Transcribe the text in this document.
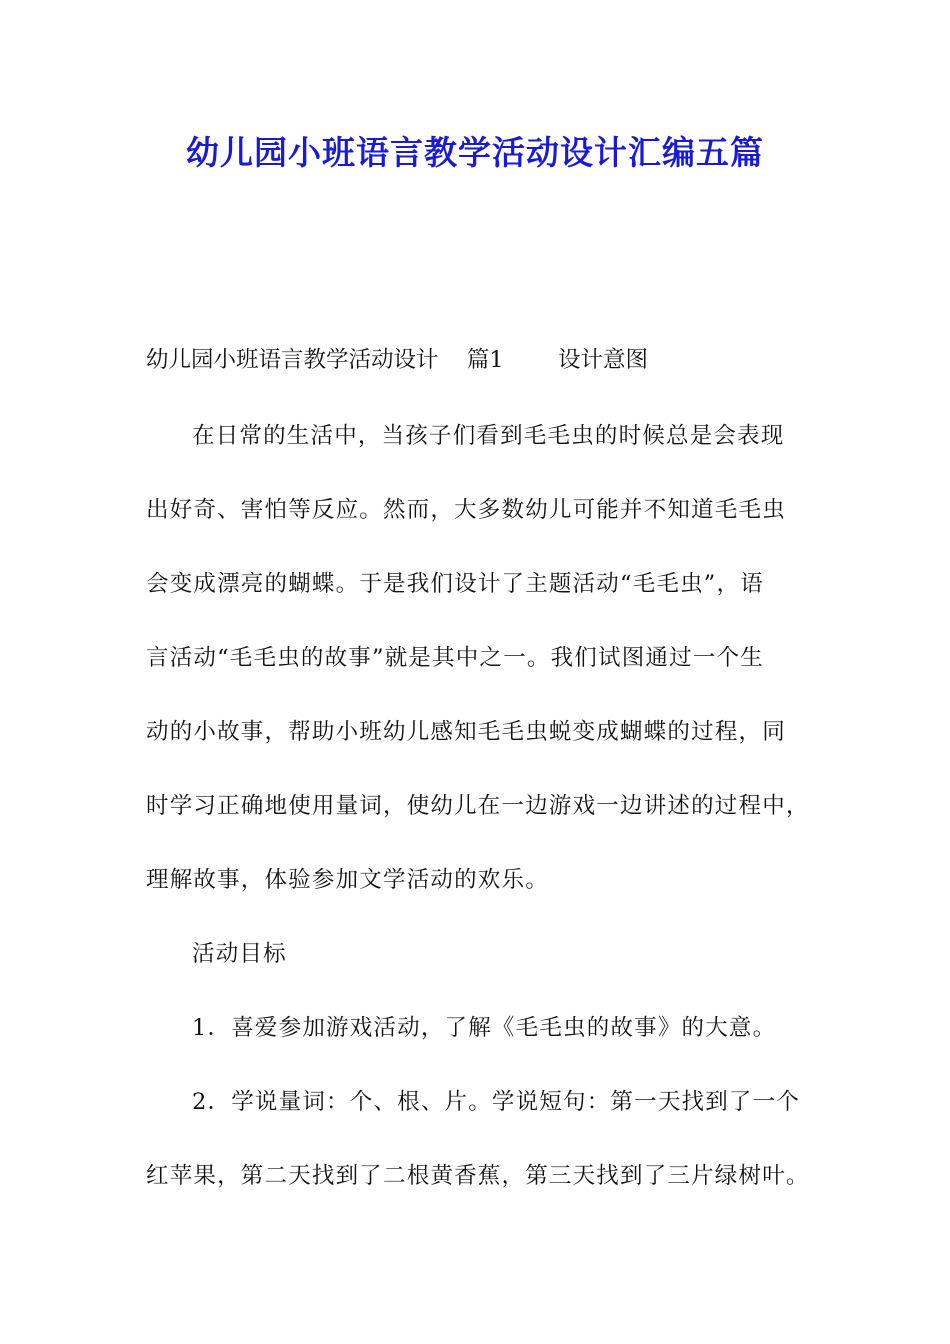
幼儿园小班语言教学活动设计汇编五篇
幼儿园小班语言教学活动设计 篇1 设计意图
在日常的生活中，当孩子们看到毛毛虫的时候总是会表现
出好奇、害怕等反应。然而，大多数幼儿可能并不知道毛毛虫
会变成漂亮的蝴蝶。于是我们设计了主题活动“毛毛虫”，语
言活动“毛毛虫的故事”就是其中之一。我们试图通过一个生
动的小故事，帮助小班幼儿感知毛毛虫蜕变成蝴蝶的过程，同
时学习正确地使用量词，使幼儿在一边游戏一边讲述的过程中，
理解故事，体验参加文学活动的欢乐。
活动目标
1．喜爱参加游戏活动，了解《毛毛虫的故事》的大意。
2．学说量词：个、根、片。学说短句：第一天找到了一个
红苹果，第二天找到了二根黄香蕉，第三天找到了三片绿树叶。
